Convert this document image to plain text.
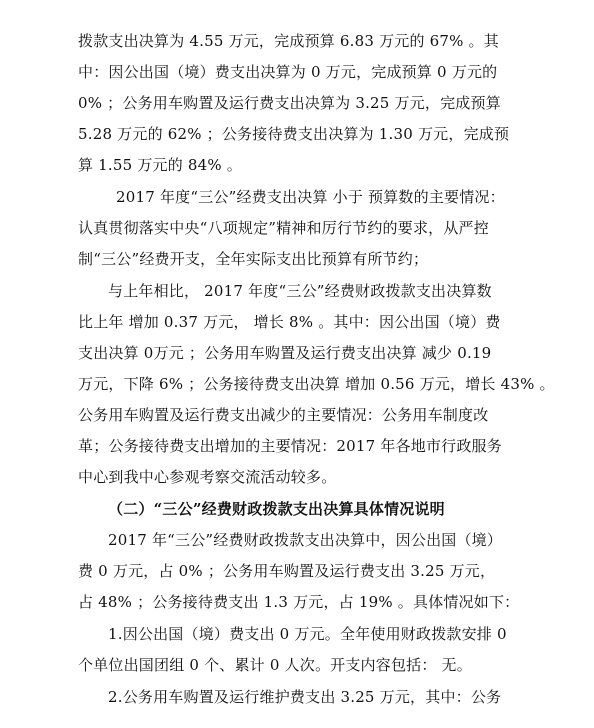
拨款支出决算为 4.55 万元，完成预算 6.83 万元的 67% 。其
中：因公出国（境）费支出决算为 0 万元，完成预算 0 万元的
0% ；公务用车购置及运行费支出决算为 3.25 万元，完成预算
5.28 万元的 62% ；公务接待费支出决算为 1.30 万元，完成预
算 1.55 万元的 84% 。
2017 年度“三公”经费支出决算 小于 预算数的主要情况：
认真贯彻落实中央“八项规定”精神和厉行节约的要求，从严控
制“三公”经费开支，全年实际支出比预算有所节约；
与上年相比， 2017 年度“三公”经费财政拨款支出决算数
比上年 增加 0.37 万元， 增长 8% 。其中：因公出国（境）费
支出决算 0万元 ；公务用车购置及运行费支出决算 减少 0.19
万元，下降 6% ；公务接待费支出决算 增加 0.56 万元，增长 43% 。
公务用车购置及运行费支出减少的主要情况：公务用车制度改
革；公务接待费支出增加的主要情况：2017 年各地市行政服务
中心到我中心参观考察交流活动较多。
（二）“三公”经费财政拨款支出决算具体情况说明
2017 年“三公”经费财政拨款支出决算中，因公出国（境）
费 0 万元，占 0% ；公务用车购置及运行费支出 3.25 万元，
占 48% ；公务接待费支出 1.3 万元，占 19% 。具体情况如下：
1.因公出国（境）费支出 0 万元。全年使用财政拨款安排 0
个单位出国团组 0 个、累计 0 人次。开支内容包括： 无。
2.公务用车购置及运行维护费支出 3.25 万元，其中：公务
